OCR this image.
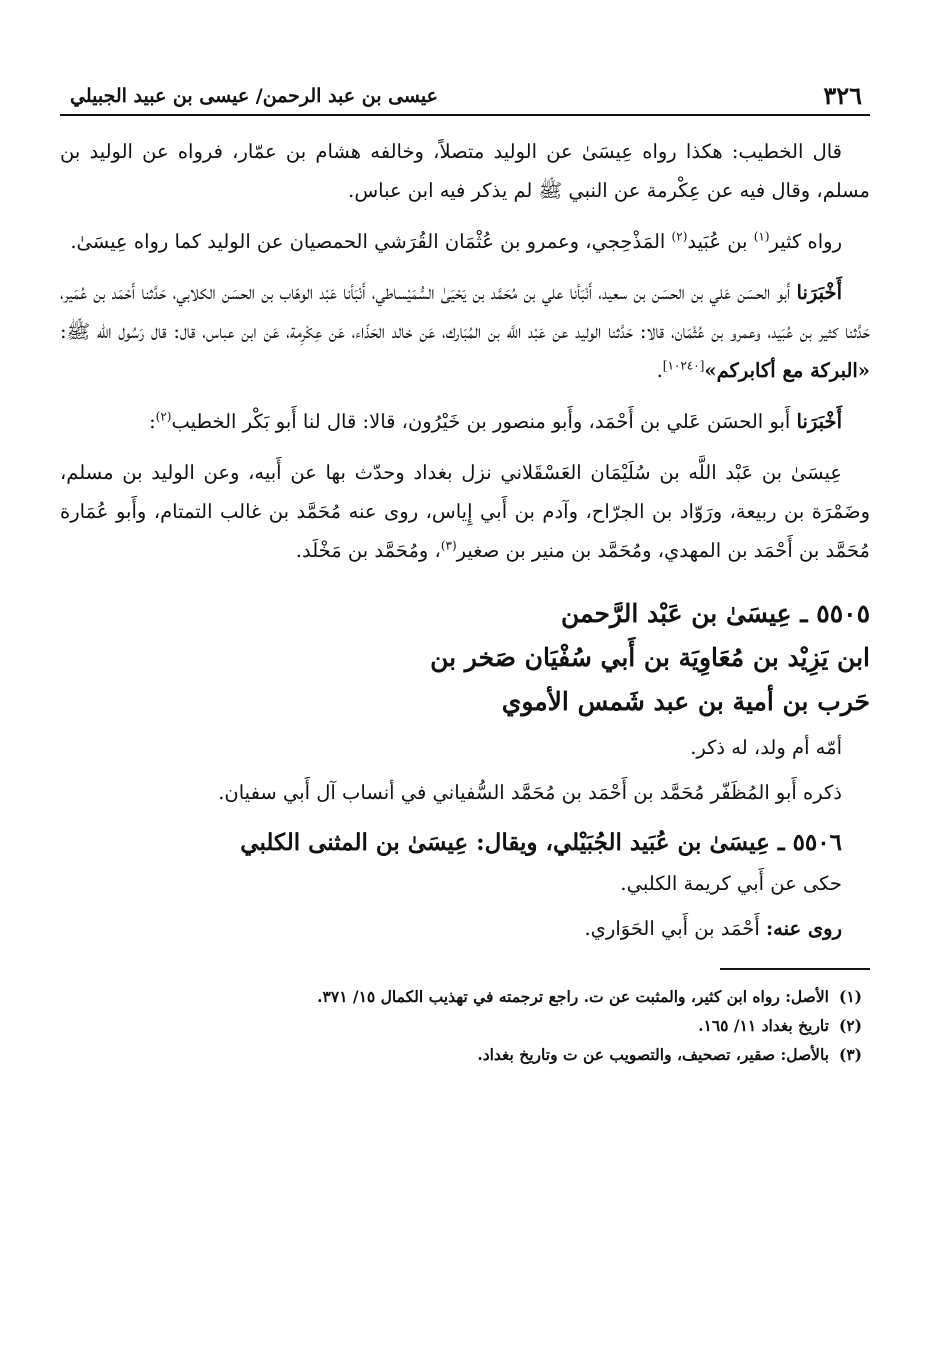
٣٢٦
عيسى بن عبد الرحمن/ عيسى بن عبيد الجبيلي

قال الخطيب: هكذا رواه عِيسَىٰ عن الوليد متصلاً، وخالفه هشام بن عمّار، فرواه عن الوليد بن مسلم، وقال فيه عن عِكْرمة عن النبي ﷺ لم يذكر فيه ابن عباس.

رواه كثير$^{(١)}$ بن عُبَيد$^{(٢)}$ المَذْحِجي، وعمرو بن عُثْمَان القُرَشي الحمصيان عن الوليد كما رواه عِيسَىٰ.

أَخْبَرَنا أَبو الحسَن عَلي بن الحسَن بن سعيد، أَنْبَأنا علي بن مُحَمَّد بن يَحْيَىٰ السُّمَيْساطي، أَنْبَأنا عَبْد الوهّاب بن الحسَن الكلابي، حَدَّثنا أَحْمَد بن عُمَير، حَدَّثنا كثير بن عُبَيد، وعمرو بن عُثْمَان، قالا: حَدَّثنا الوليد عن عَبْد اللَّه بن المُبَارك، عَن خالد الحَذّاء، عَن عِكْرِمة، عَن ابن عباس، قال: قال رَسُول الله ﷺ: «البركة مع أكابركم»[١٠٢٤٠].

أَخْبَرَنا أَبو الحسَن عَلي بن أَحْمَد، وأَبو منصور بن خَيْرُون، قالا: قال لنا أَبو بَكْر الخطيب$^{(٢)}$:

عِيسَىٰ بن عَبْد اللَّه بن سُلَيْمَان العَسْقَلاني نزل بغداد وحدّث بها عن أَبيه، وعن الوليد بن مسلم، وضَمْرَة بن ربيعة، ورَوّاد بن الجرّاح، وآدم بن أَبي إِياس، روى عنه مُحَمَّد بن غالب التمتام، وأَبو عُمَارة مُحَمَّد بن أَحْمَد بن المهدي، ومُحَمَّد بن منير بن صغير$^{(٣)}$، ومُحَمَّد بن مَخْلَد.

٥٥٠٥ ـ عِيسَىٰ بن عَبْد الرَّحمن
ابن يَزِيْد بن مُعَاوِيَة بن أَبي سُفْيَان صَخر بن
حَرب بن أمية بن عبد شَمس الأموي

أمّه أم ولد، له ذكر.

ذكره أَبو المُظَفّر مُحَمَّد بن أَحْمَد بن مُحَمَّد السُّفياني في أنساب آل أَبي سفيان.

٥٥٠٦ ـ عِيسَىٰ بن عُبَيد الجُبَيْلي، ويقال: عِيسَىٰ بن المثنى الكلبي

حكى عن أَبي كريمة الكلبي.

روى عنه: أَحْمَد بن أَبي الحَوَاري.

(١)الأصل: رواه ابن كثير، والمثبت عن ت. راجع ترجمته في تهذيب الكمال ١٥/ ٣٧١.

(٢)تاريخ بغداد ١١/ ١٦٥.

(٣)بالأصل: صقير، تصحيف، والتصويب عن ت وتاريخ بغداد.
